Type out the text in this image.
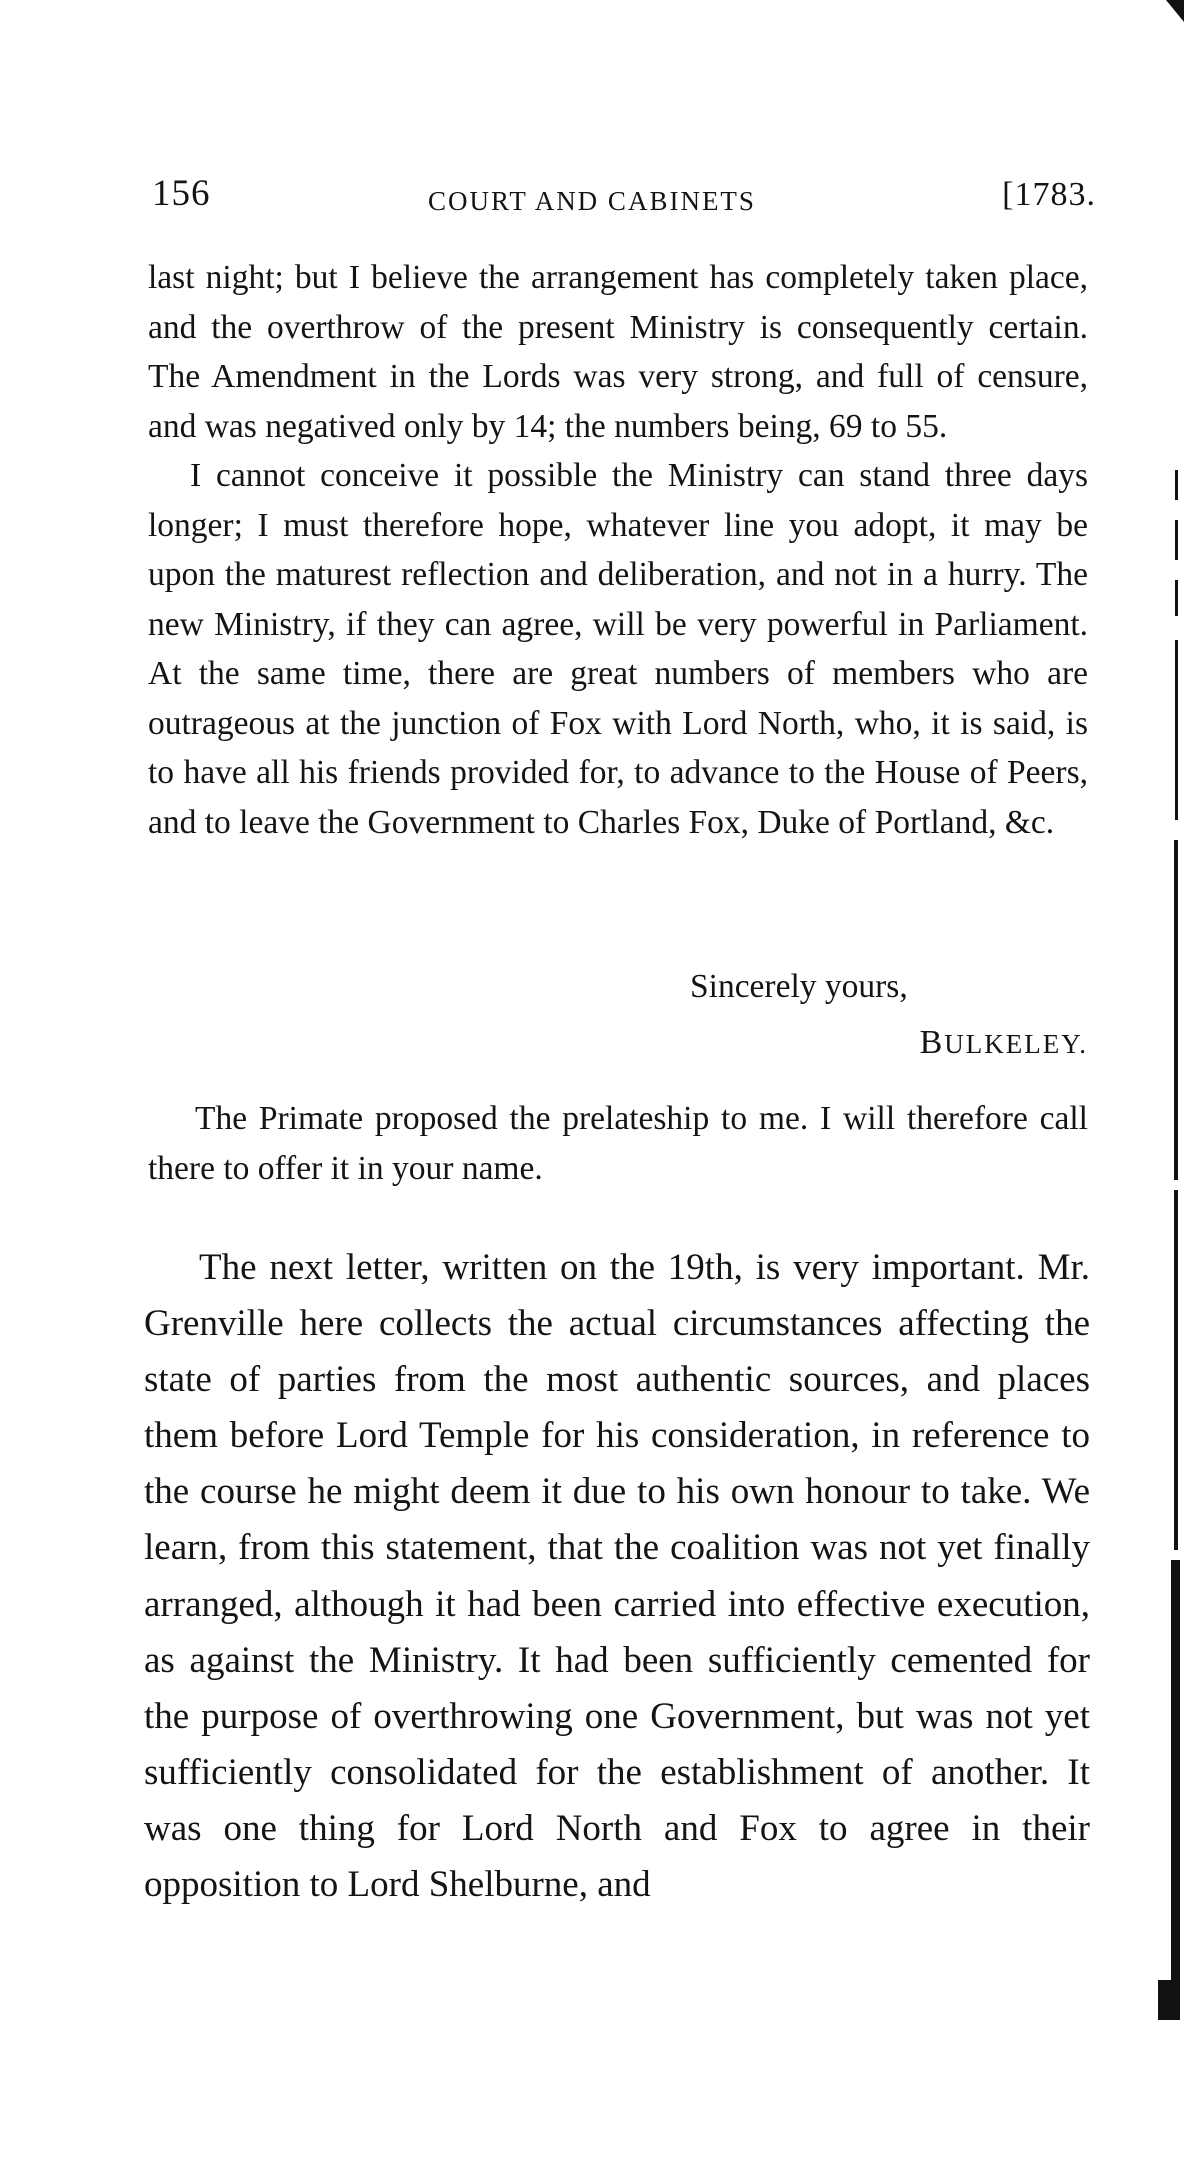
156	COURT AND CABINETS	[1783.

last night; but I believe the arrangement has completely taken place, and the overthrow of the present Ministry is consequently certain. The Amendment in the Lords was very strong, and full of censure, and was negatived only by 14; the numbers being, 69 to 55.

I cannot conceive it possible the Ministry can stand three days longer; I must therefore hope, whatever line you adopt, it may be upon the maturest reflection and deliberation, and not in a hurry. The new Ministry, if they can agree, will be very powerful in Parliament. At the same time, there are great numbers of members who are outrageous at the junction of Fox with Lord North, who, it is said, is to have all his friends provided for, to advance to the House of Peers, and to leave the Government to Charles Fox, Duke of Portland, &c.

Sincerely yours,
BULKELEY.
The Primate proposed the prelateship to me. I will therefore call there to offer it in your name.

The next letter, written on the 19th, is very important. Mr. Grenville here collects the actual circumstances affecting the state of parties from the most authentic sources, and places them before Lord Temple for his consideration, in reference to the course he might deem it due to his own honour to take. We learn, from this statement, that the coalition was not yet finally arranged, although it had been carried into effective execution, as against the Ministry. It had been sufficiently cemented for the purpose of overthrowing one Government, but was not yet sufficiently consolidated for the establishment of another. It was one thing for Lord North and Fox to agree in their opposition to Lord Shelburne, and
